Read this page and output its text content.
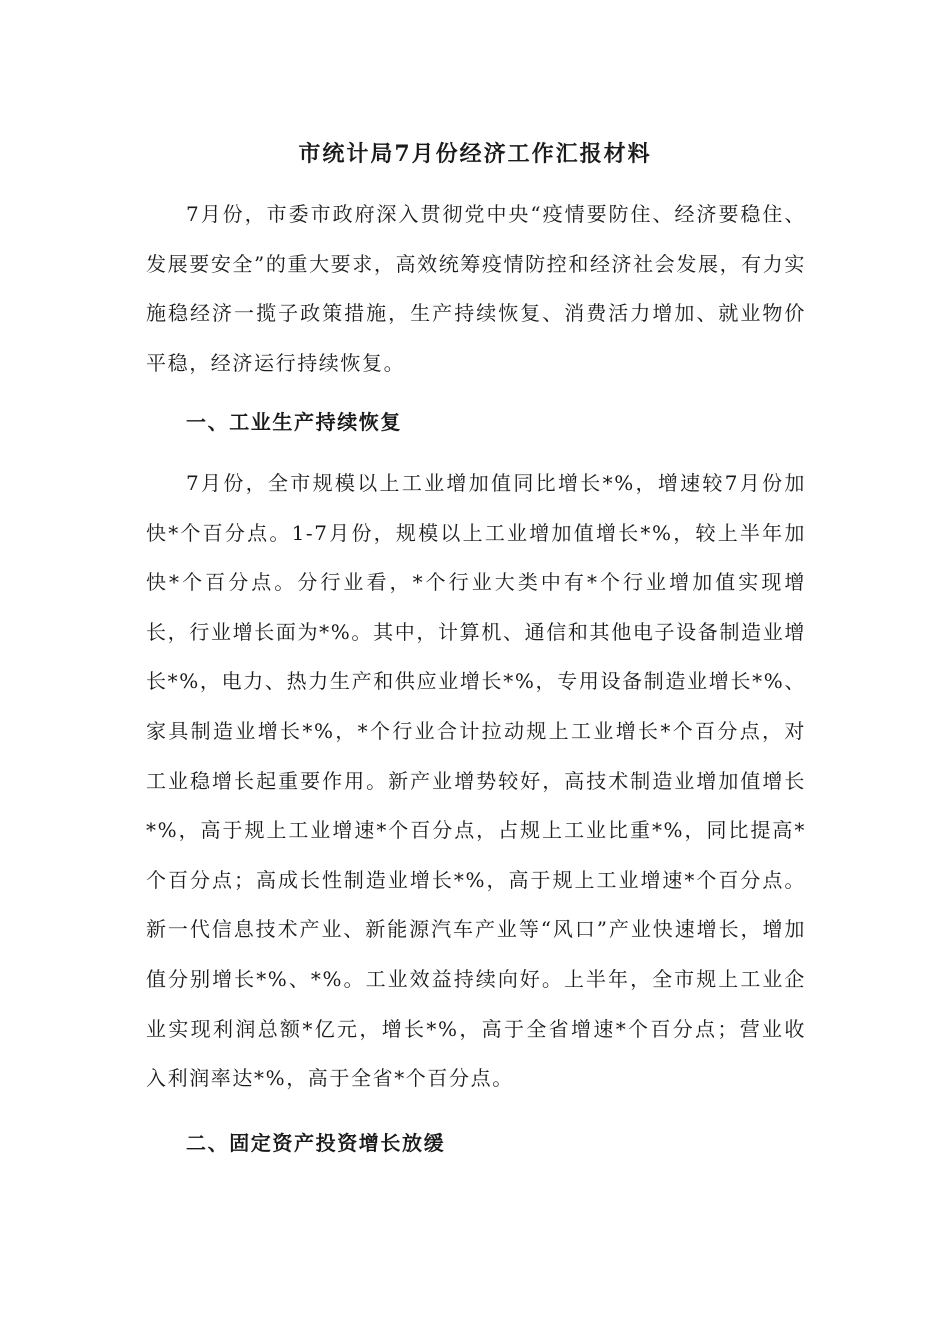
市统计局7月份经济工作汇报材料

7月份，市委市政府深入贯彻党中央“疫情要防住、经济要稳住、发展要安全”的重大要求，高效统筹疫情防控和经济社会发展，有力实施稳经济一揽子政策措施，生产持续恢复、消费活力增加、就业物价平稳，经济运行持续恢复。

一、工业生产持续恢复

7月份，全市规模以上工业增加值同比增长*%，增速较7月份加快*个百分点。1-7月份，规模以上工业增加值增长*%，较上半年加快*个百分点。分行业看，*个行业大类中有*个行业增加值实现增长，行业增长面为*%。其中，计算机、通信和其他电子设备制造业增长*%，电力、热力生产和供应业增长*%，专用设备制造业增长*%、家具制造业增长*%，*个行业合计拉动规上工业增长*个百分点，对工业稳增长起重要作用。新产业增势较好，高技术制造业增加值增长*%，高于规上工业增速*个百分点，占规上工业比重*%，同比提高*个百分点；高成长性制造业增长*%，高于规上工业增速*个百分点。新一代信息技术产业、新能源汽车产业等“风口”产业快速增长，增加值分别增长*%、*%。工业效益持续向好。上半年，全市规上工业企业实现利润总额*亿元，增长*%，高于全省增速*个百分点；营业收入利润率达*%，高于全省*个百分点。

二、固定资产投资增长放缓
